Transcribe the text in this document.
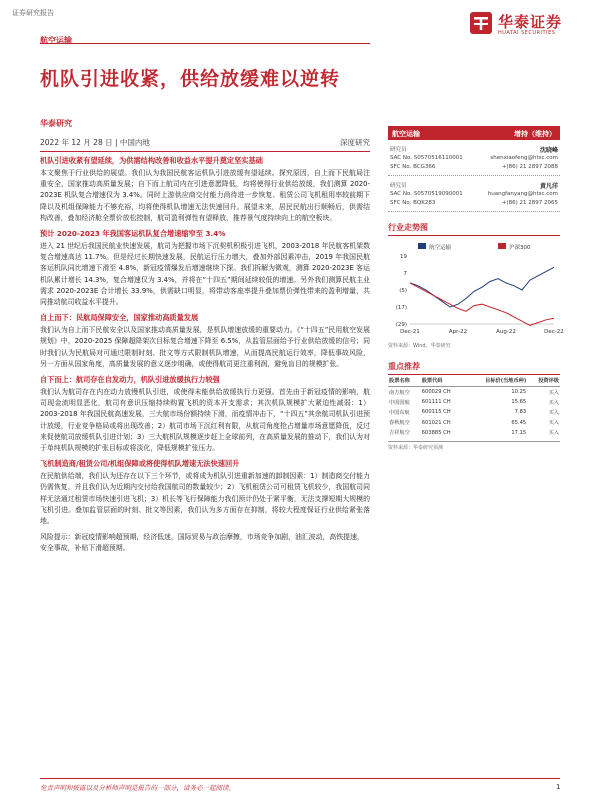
证券研究报告
航空运输
华泰证券
HUATAI SECURITIES
机队引进收紧，供给放缓难以逆转
华泰研究
2022 年 12 月 28 日 | 中国内地	深度研究
机队引进收紧有望延续，为供需结构改善和收益水平提升奠定坚实基础

本文聚焦于行业供给的展望。我们认为我国民航客运机队引进放缓有望延续。探究原因，自上而下民航局注重安全，国家推动高质量发展；自下而上航司内在引进意愿降低，均将使得行业供给放缓，我们测算 2020-2023E 机队复合增速仅为 3.4%。同时上游供应商交付能力尚待进一步恢复、租赁公司飞机租用率较前期下降以及机组保障能力不够充裕，均将使得机队增速无法快速回升。展望未来，居民民航出行顺畅后，供需结构改善，叠加经济舱全票价放松控制，航司盈利弹性有望释放，推荐景气度持续向上的航空板块。

预计 2020-2023 年我国客运机队复合增速缩窄至 3.4%

进入 21 世纪后我国民航业快速发展，航司为把握市场下沉契机积极引进飞机，2003-2018 年民航客机架数复合增速高达 11.7%。但是经过长期快速发展，民航运行压力增大，叠加外部因素冲击，2019 年我国民航客运机队同比增速下滑至 4.8%，新冠疫情爆发后增速继续下探。我们拆解为微观，测算 2020-2023E 客运机队累计增长 14.3%，复合增速仅为 3.4%，并将在“十四五”期间延续较低的增速。另外我们测算民航主业需求 2020-2023E 合计增长 33.9%，供需缺口明显，将带动客座率提升叠加票价弹性带来的盈利增量，共同推动航司收益水平提升。

自上而下：民航局保障安全，国家推动高质量发展

我们认为自上而下民航安全以及国家推动高质量发展，是机队增速放缓的重要动力。《“十四五”民用航空发展规划》中，2020-2025 保障超降架次目标复合增速下降至 6.5%，从监管层面给予行业供给放缓的信号；同时我们认为民航局对可通过限制时刻、批文等方式限制机队增速，从而提高民航运行效率，降低事故风险，另一方面从国家角度，高质量发展的意义逐步明确，或使得航司更注重利润，避免盲目的规模扩张。

自下而上：航司存在自发动力，机队引进放缓执行力较强

我们认为航司存在内在动力放慢机队引进，或使得未能供给放缓执行力更强。首先由于新冠疫情的影响，航司现金流明显恶化，航司有意识压缩持续购置飞机的资本开支需求；其次机队规模扩大紧迫性减弱：1）2003-2018 年我国民航高速发展，三大航市场份额持续下滑，而疫情冲击下，“十四五”其余航司机队引进预计放缓，行业竞争格局或将出现改善；2）航司市场下沉红利有限，从航司角度抢占增量市场意愿降低，反过来促使航司放缓机队引进计划；3）三大航机队规模逐步赶上全球前列，在高质量发展的推动下，我们认为对于单纯机队规模的扩张目标或将淡化，降低规模扩张压力。

飞机制造商/租赁公司/机组保障或将使得机队增速无法快速回升

在民航供给端，我们认为还存在以下三个环节，或将成为机队引进重新加速的卸制因素：1）制造商交付能力仍需恢复，并且我们认为近期内交付给我国航司的数量较少；2）飞机租赁公司可租赁飞机较少，我国航司同样无法通过租赁市场快速引进飞机；3）机长等飞行保障能力我们预计仍处于紧平衡，无法支撑短期大规模的飞机引进。叠加监管层面的时刻、批文等因素，我们认为多方面存在抑制，将较大程度保证行业供给紧张落地。

风险提示：新冠疫情影响超预期，经济低迷，国际贸易与政治摩擦，市场竞争加剧，油汇波动，高铁提速，安全事故，补贴下滑超预期。

航空运输	增持（维持）
研究员	沈晓峰
SAC No. S0570516110001	shenxiaofeng@htsc.com
SFC No. BCG366	+(86) 21 2897 2088
研究员	黄凡洋
SAC No. S0570519090001	huangfanyang@htsc.com
SFC No. BQK283	+(86) 21 2897 2065
行业走势图
航空运输	沪深300
19
7
(5)
(17)
(29)
Dec-21	Apr-22	Aug-22	Dec-22
资料来源：Wind，华泰研究
重点推荐
股票名称	股票代码	目标价(当地币种)	投资评级
南方航空	600029 CH	10.25	买入
中国国航	601111 CH	15.65	买入
中国东航	600115 CH	7.83	买入
春秋航空	601021 CH	65.45	买入
吉祥航空	603885 CH	17.15	买入
资料来源：华泰研究预测
免责声明和披露以及分析师声明是报告的一部分，请务必一起阅读。	1
